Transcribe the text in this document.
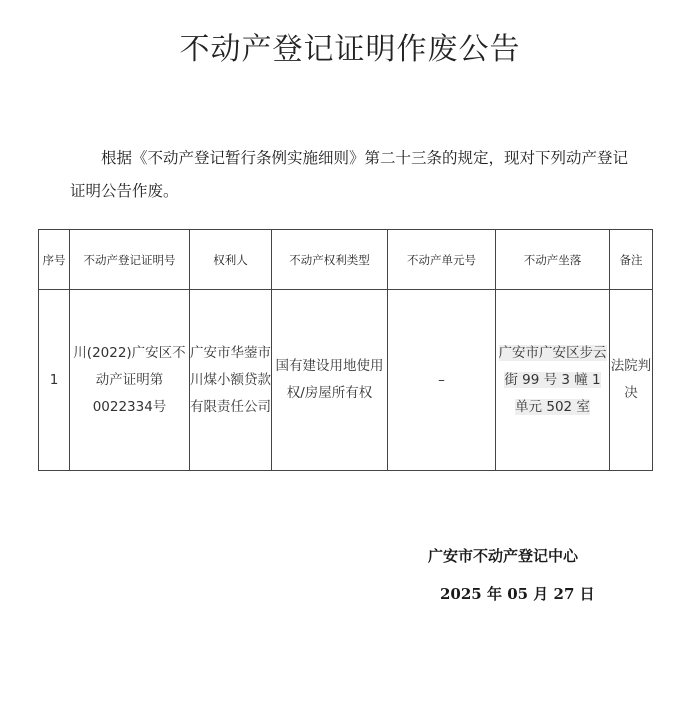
不动产登记证明作废公告
根据《不动产登记暂行条例实施细则》第二十三条的规定，现对下列动产登记证明公告作废。
序号	不动产登记证明号	权利人	不动产权利类型	不动产单元号	不动产坐落	备注
1	川(2022)广安区不动产证明第0022334号	广安市华蓥市川煤小额贷款有限责任公司	国有建设用地使用权/房屋所有权	–	广安市广安区步云街 99 号 3 幢 1 单元 502 室	法院判决
广安市不动产登记中心
2025 年 05 月 27 日
